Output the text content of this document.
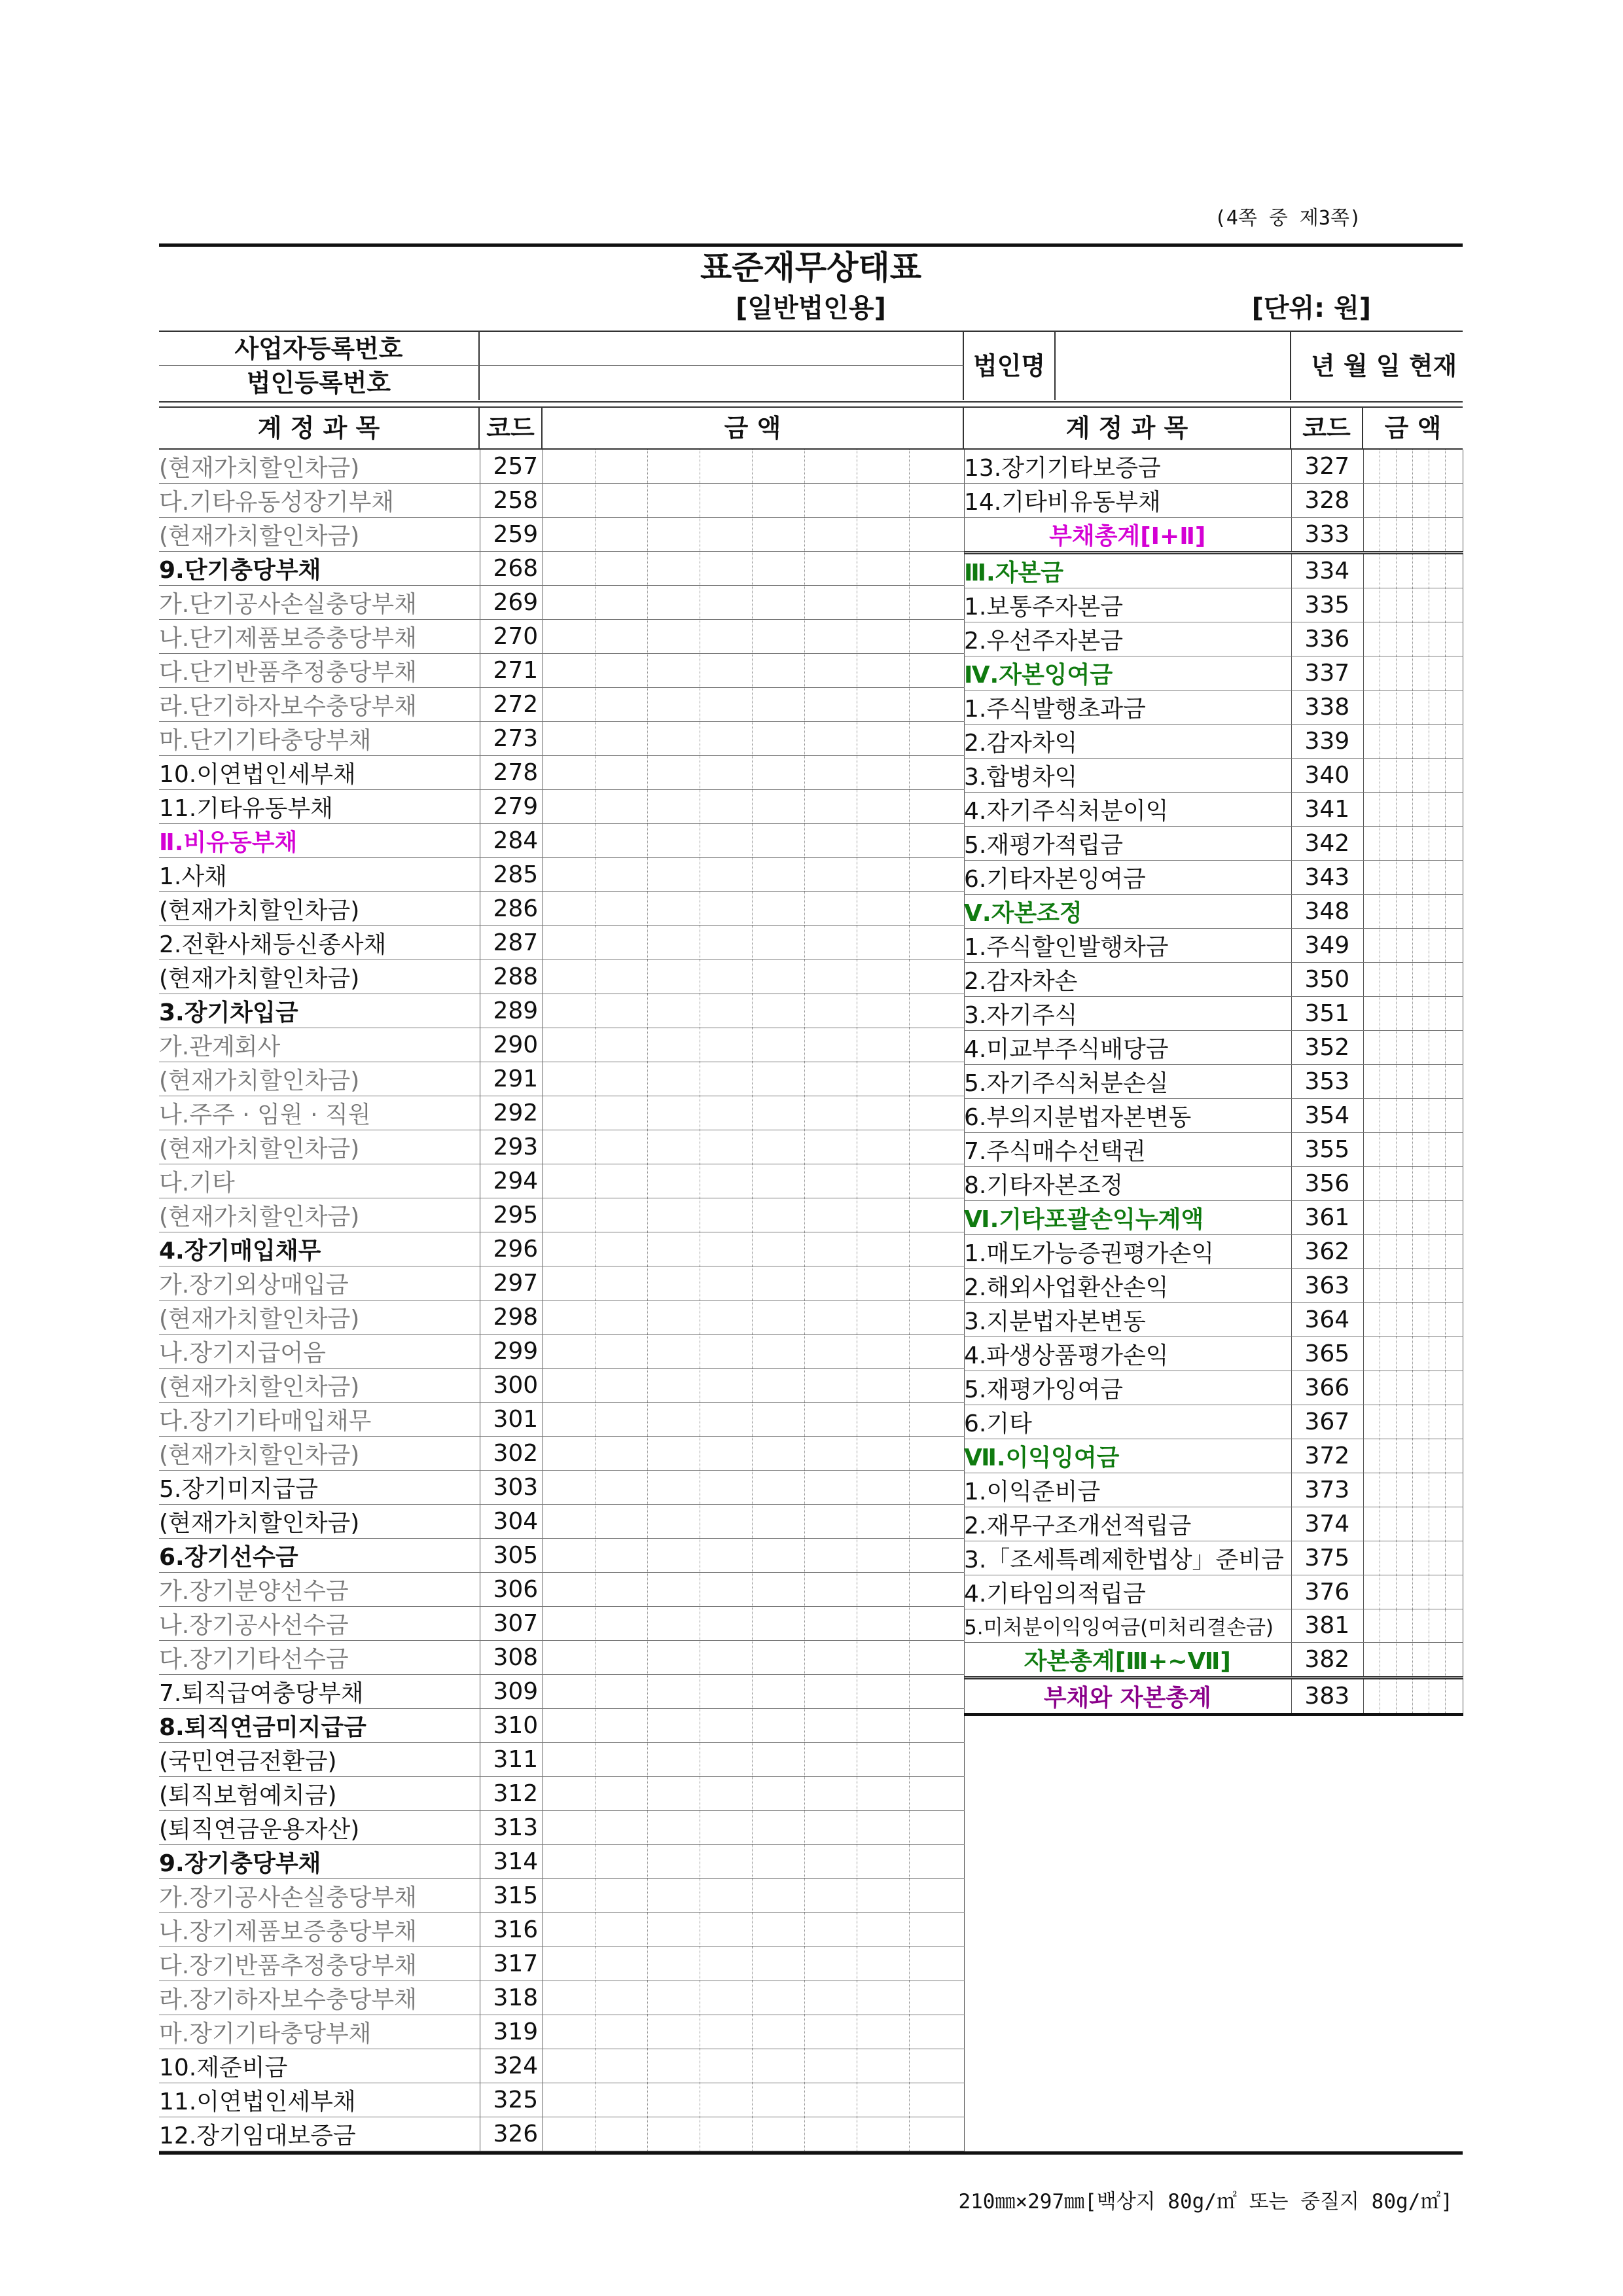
(4쪽 중 제3쪽)
표준재무상태표
[일반법인용]	[단위: 원]
사업자등록번호
법인등록번호
법인명	년 월 일 현재
계 정 과 목	코드	금 액	계 정 과 목	코드	금 액
(현재가치할인차금)	257								
다.기타유동성장기부채	258								
(현재가치할인차금)	259								
9.단기충당부채	268								
가.단기공사손실충당부채	269								
나.단기제품보증충당부채	270								
다.단기반품추정충당부채	271								
라.단기하자보수충당부채	272								
마.단기기타충당부채	273								
10.이연법인세부채	278								
11.기타유동부채	279								
Ⅱ.비유동부채	284								
1.사채	285								
(현재가치할인차금)	286								
2.전환사채등신종사채	287								
(현재가치할인차금)	288								
3.장기차입금	289								
가.관계회사	290								
(현재가치할인차금)	291								
나.주주 · 임원 · 직원	292								
(현재가치할인차금)	293								
다.기타	294								
(현재가치할인차금)	295								
4.장기매입채무	296								
가.장기외상매입금	297								
(현재가치할인차금)	298								
나.장기지급어음	299								
(현재가치할인차금)	300								
다.장기기타매입채무	301								
(현재가치할인차금)	302								
5.장기미지급금	303								
(현재가치할인차금)	304								
6.장기선수금	305								
가.장기분양선수금	306								
나.장기공사선수금	307								
다.장기기타선수금	308								
7.퇴직급여충당부채	309								
8.퇴직연금미지급금	310								
(국민연금전환금)	311								
(퇴직보험예치금)	312								
(퇴직연금운용자산)	313								
9.장기충당부채	314								
가.장기공사손실충당부채	315								
나.장기제품보증충당부채	316								
다.장기반품추정충당부채	317								
라.장기하자보수충당부채	318								
마.장기기타충당부채	319								
10.제준비금	324								
11.이연법인세부채	325								
12.장기임대보증금	326								
13.장기기타보증금	327						
14.기타비유동부채	328						
부채총계[Ⅰ+Ⅱ]	333						
Ⅲ.자본금	334						
1.보통주자본금	335						
2.우선주자본금	336						
Ⅳ.자본잉여금	337						
1.주식발행초과금	338						
2.감자차익	339						
3.합병차익	340						
4.자기주식처분이익	341						
5.재평가적립금	342						
6.기타자본잉여금	343						
Ⅴ.자본조정	348						
1.주식할인발행차금	349						
2.감자차손	350						
3.자기주식	351						
4.미교부주식배당금	352						
5.자기주식처분손실	353						
6.부의지분법자본변동	354						
7.주식매수선택권	355						
8.기타자본조정	356						
Ⅵ.기타포괄손익누계액	361						
1.매도가능증권평가손익	362						
2.해외사업환산손익	363						
3.지분법자본변동	364						
4.파생상품평가손익	365						
5.재평가잉여금	366						
6.기타	367						
Ⅶ.이익잉여금	372						
1.이익준비금	373						
2.재무구조개선적립금	374						
3.「조세특례제한법상」준비금	375						
4.기타임의적립금	376						
5.미처분이익잉여금(미처리결손금)	381						
자본총계[Ⅲ+~Ⅶ]	382						
부채와 자본총계	383						
210㎜×297㎜[백상지 80g/㎡ 또는 중질지 80g/㎡]
